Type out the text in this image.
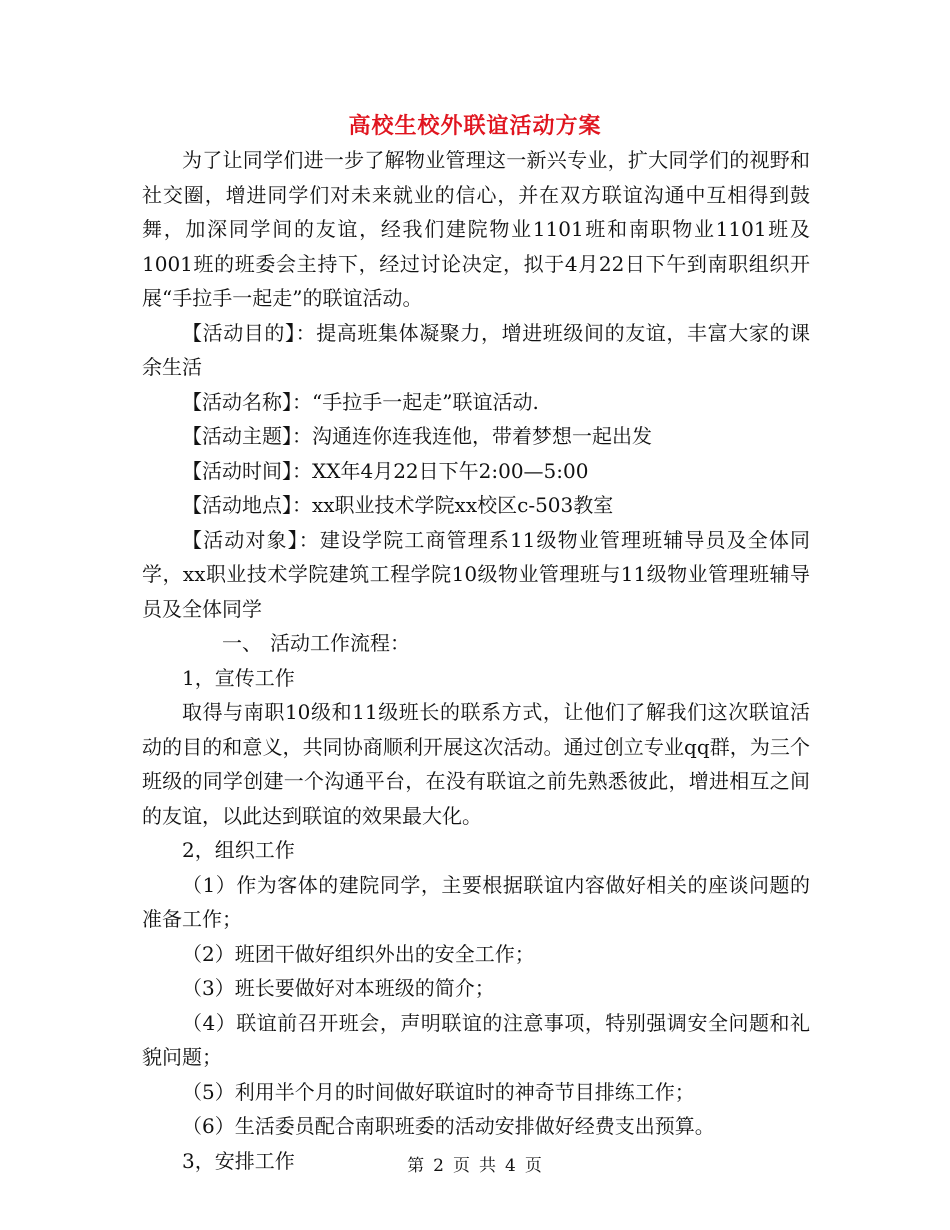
高校生校外联谊活动方案

为了让同学们进一步了解物业管理这一新兴专业，扩大同学们的视野和社交圈，增进同学们对未来就业的信心，并在双方联谊沟通中互相得到鼓舞，加深同学间的友谊，经我们建院物业1101班和南职物业1101班及1001班的班委会主持下，经过讨论决定，拟于4月22日下午到南职组织开展“手拉手一起走”的联谊活动。

【活动目的】：提高班集体凝聚力，增进班级间的友谊，丰富大家的课余生活

【活动名称】：“手拉手一起走”联谊活动.

【活动主题】：沟通连你连我连他，带着梦想一起出发

【活动时间】：XX年4月22日下午2:00—5:00

【活动地点】：xx职业技术学院xx校区c-503教室

【活动对象】：建设学院工商管理系11级物业管理班辅导员及全体同学，xx职业技术学院建筑工程学院10级物业管理班与11级物业管理班辅导员及全体同学

一、 活动工作流程：

1，宣传工作

取得与南职10级和11级班长的联系方式，让他们了解我们这次联谊活动的目的和意义，共同协商顺利开展这次活动。通过创立专业qq群，为三个班级的同学创建一个沟通平台，在没有联谊之前先熟悉彼此，增进相互之间的友谊，以此达到联谊的效果最大化。

2，组织工作

（1）作为客体的建院同学，主要根据联谊内容做好相关的座谈问题的准备工作；

（2）班团干做好组织外出的安全工作；

（3）班长要做好对本班级的简介；

（4）联谊前召开班会，声明联谊的注意事项，特别强调安全问题和礼貌问题；

（5）利用半个月的时间做好联谊时的神奇节目排练工作；

（6）生活委员配合南职班委的活动安排做好经费支出预算。

3，安排工作	第 2 页 共 4 页
